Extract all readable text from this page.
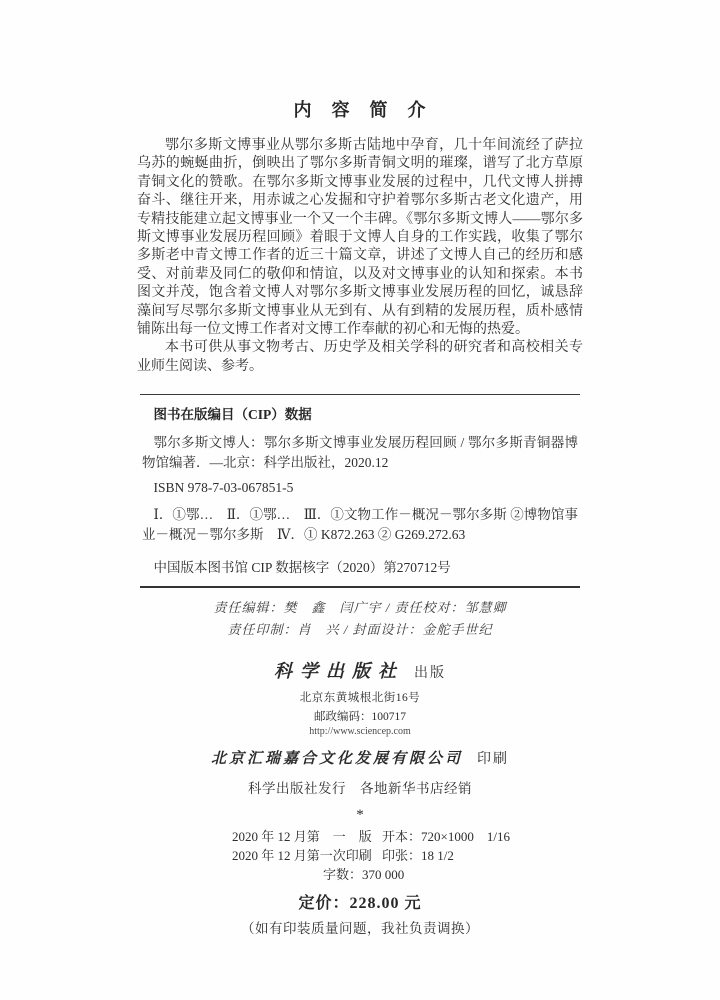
内　容　简　介

鄂尔多斯文博事业从鄂尔多斯古陆地中孕育，几十年间流经了萨拉乌苏的蜿蜒曲折，倒映出了鄂尔多斯青铜文明的璀璨，谱写了北方草原青铜文化的赞歌。在鄂尔多斯文博事业发展的过程中，几代文博人拼搏奋斗、继往开来，用赤诚之心发掘和守护着鄂尔多斯古老文化遗产，用专精技能建立起文博事业一个又一个丰碑。《鄂尔多斯文博人——鄂尔多斯文博事业发展历程回顾》着眼于文博人自身的工作实践，收集了鄂尔多斯老中青文博工作者的近三十篇文章，讲述了文博人自己的经历和感受、对前辈及同仁的敬仰和情谊，以及对文博事业的认知和探索。本书图文并茂，饱含着文博人对鄂尔多斯文博事业发展历程的回忆，诚恳辞藻间写尽鄂尔多斯文博事业从无到有、从有到精的发展历程，质朴感情铺陈出每一位文博工作者对文博工作奉献的初心和无悔的热爱。

本书可供从事文物考古、历史学及相关学科的研究者和高校相关专业师生阅读、参考。

图书在版编目（CIP）数据
鄂尔多斯文博人：鄂尔多斯文博事业发展历程回顾 / 鄂尔多斯青铜器博物馆编著．—北京：科学出版社，2020.12
ISBN 978-7-03-067851-5
Ⅰ．①鄂…　Ⅱ．①鄂…　Ⅲ．①文物工作－概况－鄂尔多斯 ②博物馆事业－概况－鄂尔多斯　Ⅳ．① K872.263 ② G269.272.63
中国版本图书馆 CIP 数据核字（2020）第270712号
责任编辑：樊　鑫　闫广宇 / 责任校对：邹慧卿
责任印制：肖　兴 / 封面设计：金舵手世纪
科学出版社 出版
北京东黄城根北街16号
邮政编码：100717
http://www.sciencep.com
北京汇瑞嘉合文化发展有限公司 印刷
科学出版社发行　各地新华书店经销
*
2020 年 12 月第　一　版 开本：720×1000　1/16
2020 年 12 月第一次印刷 印张：18 1/2
字数：370 000
定价：228.00 元
（如有印装质量问题，我社负责调换）
